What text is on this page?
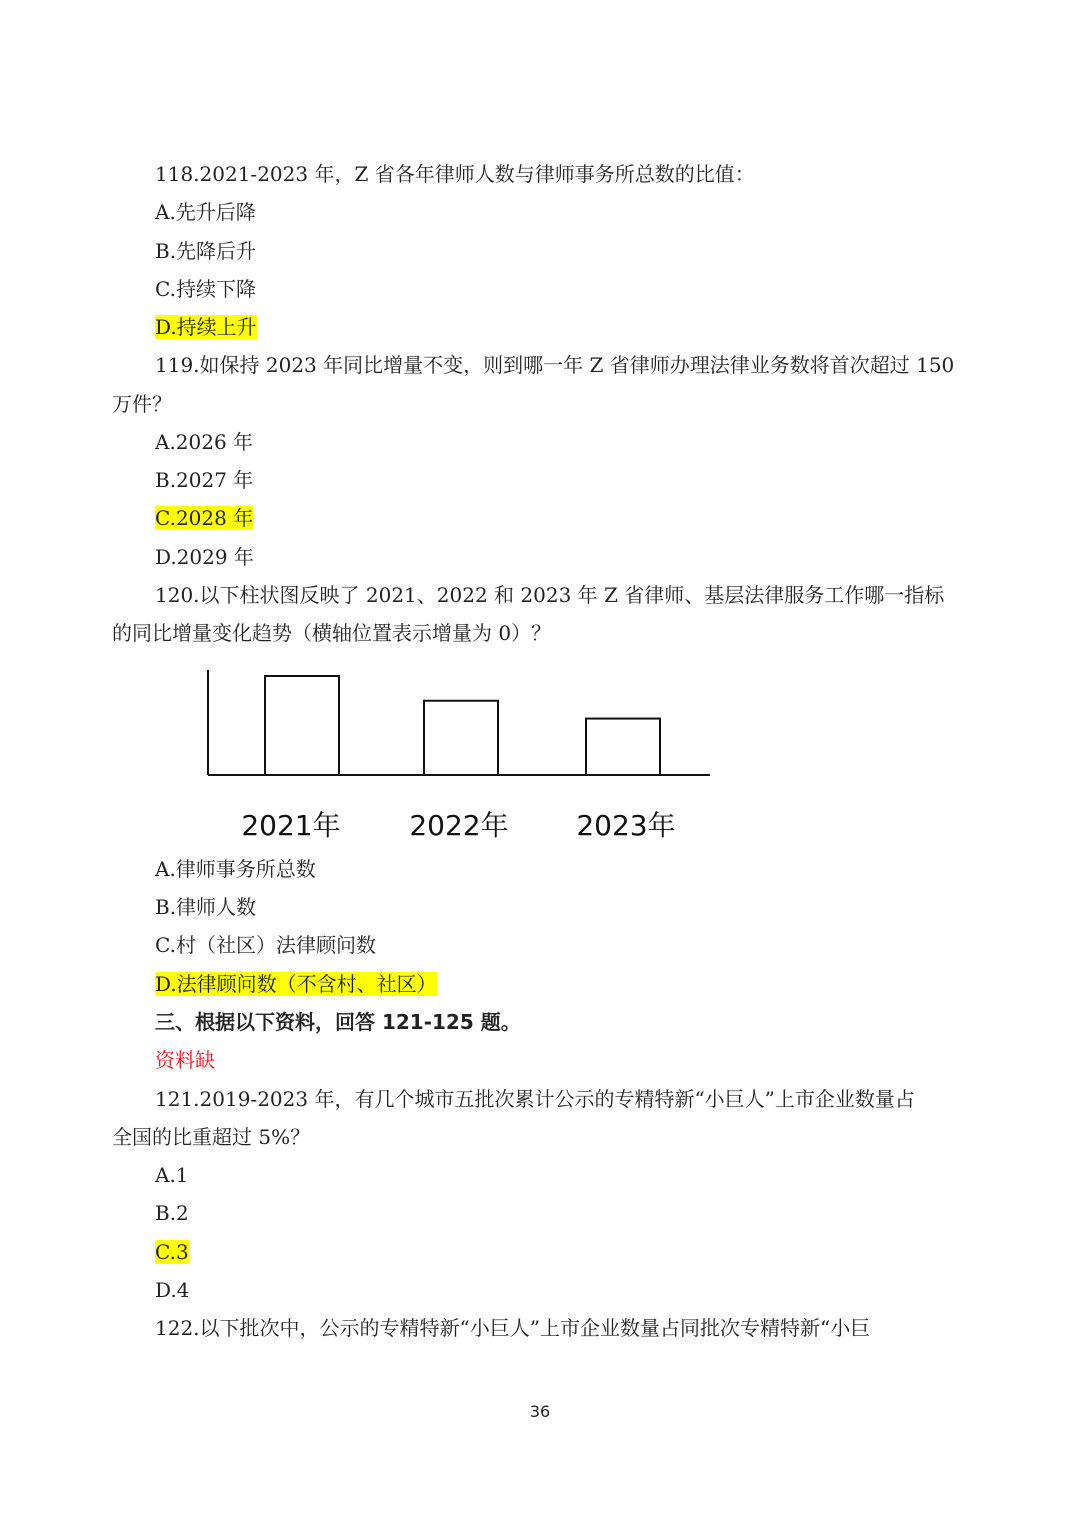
118.2021-2023 年，Z 省各年律师人数与律师事务所总数的比值：
A.先升后降
B.先降后升
C.持续下降
D.持续上升
119.如保持 2023 年同比增量不变，则到哪一年 Z 省律师办理法律业务数将首次超过 150
万件？
A.2026 年
B.2027 年
C.2028 年
D.2029 年
120.以下柱状图反映了 2021、2022 和 2023 年 Z 省律师、基层法律服务工作哪一指标
的同比增量变化趋势（横轴位置表示增量为 0）？
2021年 2022年 2023年
A.律师事务所总数
B.律师人数
C.村（社区）法律顾问数
D.法律顾问数（不含村、社区）
三、根据以下资料，回答 121-125 题。
资料缺
121.2019-2023 年，有几个城市五批次累计公示的专精特新“小巨人”上市企业数量占
全国的比重超过 5%？
A.1
B.2
C.3
D.4
122.以下批次中，公示的专精特新“小巨人”上市企业数量占同批次专精特新“小巨
36
